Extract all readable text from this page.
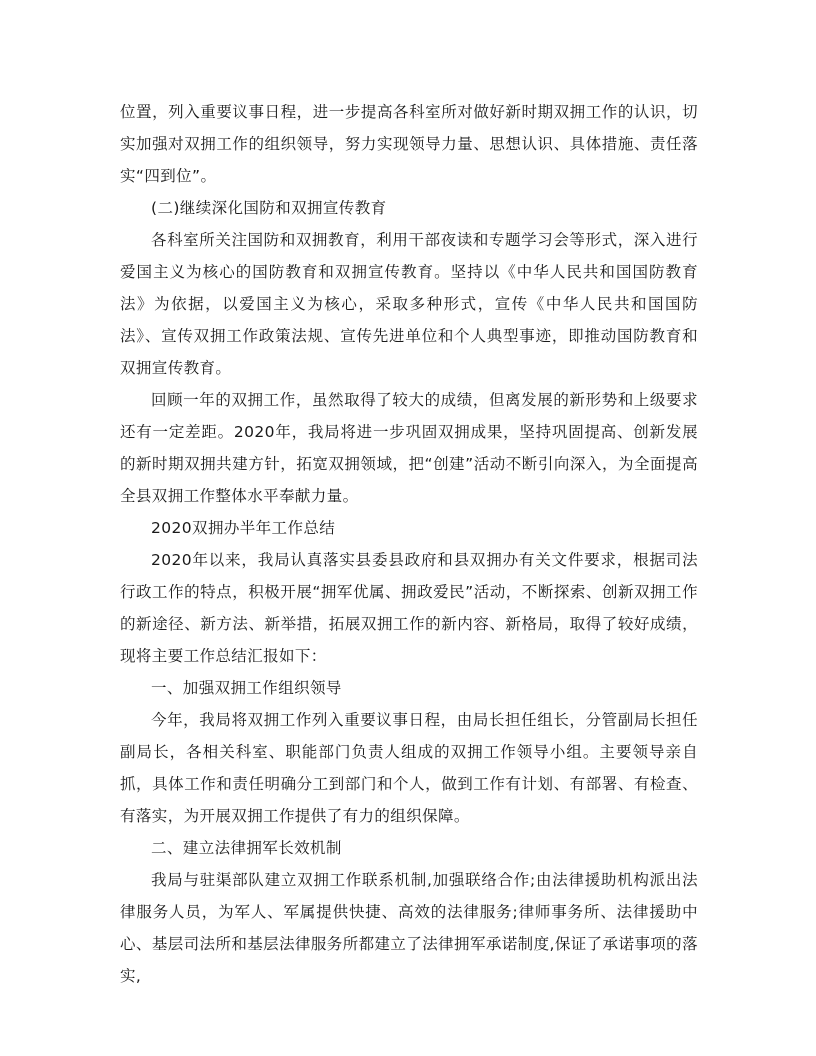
位置，列入重要议事日程，进一步提高各科室所对做好新时期双拥工作的认识，切实加强对双拥工作的组织领导，努力实现领导力量、思想认识、具体措施、责任落实“四到位”。

(二)继续深化国防和双拥宣传教育

各科室所关注国防和双拥教育，利用干部夜读和专题学习会等形式，深入进行爱国主义为核心的国防教育和双拥宣传教育。坚持以《中华人民共和国国防教育法》为依据，以爱国主义为核心，采取多种形式，宣传《中华人民共和国国防法》、宣传双拥工作政策法规、宣传先进单位和个人典型事迹，即推动国防教育和双拥宣传教育。

回顾一年的双拥工作，虽然取得了较大的成绩，但离发展的新形势和上级要求还有一定差距。2020年，我局将进一步巩固双拥成果，坚持巩固提高、创新发展的新时期双拥共建方针，拓宽双拥领域，把“创建”活动不断引向深入，为全面提高全县双拥工作整体水平奉献力量。

2020双拥办半年工作总结

2020年以来，我局认真落实县委县政府和县双拥办有关文件要求，根据司法行政工作的特点，积极开展“拥军优属、拥政爱民”活动，不断探索、创新双拥工作的新途径、新方法、新举措，拓展双拥工作的新内容、新格局，取得了较好成绩，现将主要工作总结汇报如下：

一、加强双拥工作组织领导

今年，我局将双拥工作列入重要议事日程，由局长担任组长，分管副局长担任副局长，各相关科室、职能部门负责人组成的双拥工作领导小组。主要领导亲自抓，具体工作和责任明确分工到部门和个人，做到工作有计划、有部署、有检查、有落实，为开展双拥工作提供了有力的组织保障。

二、建立法律拥军长效机制

我局与驻渠部队建立双拥工作联系机制,加强联络合作;由法律援助机构派出法律服务人员，为军人、军属提供快捷、高效的法律服务;律师事务所、法律援助中心、基层司法所和基层法律服务所都建立了法律拥军承诺制度,保证了承诺事项的落实,
